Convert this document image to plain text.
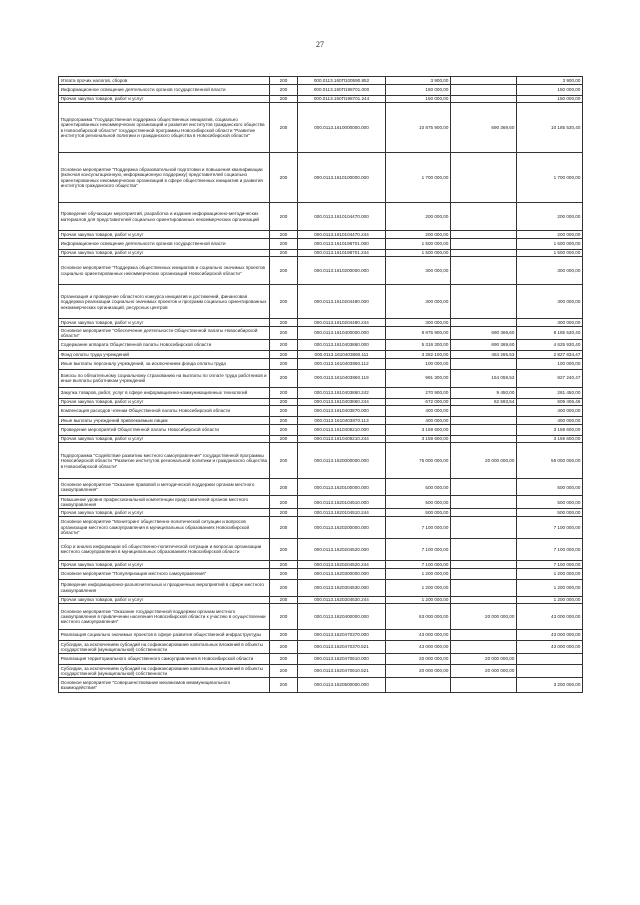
27
Уплата прочих налогов, сборов	200	000.0113.160П100590.852	3 900,00		3 900,00
Информационное освещение деятельности органов государственной власти	200	000.0113.160П198701.000	150 000,00		150 000,00
Прочая закупка товаров, работ и услуг	200	000.0113.160П198701.244	150 000,00		150 000,00
Подпрограмма "Государственная поддержка общественных инициатив, социально ориентированных некоммерческих организаций и развития институтов гражданского общества в Новосибирской области" государственной программы Новосибирской области "Развитие институтов региональной политики и гражданского общества в Новосибирской области"	200	000.0113.1610000000.000	10 875 900,00	690 369,60	10 185 530,40
Основное мероприятие "Поддержка образовательной подготовки и повышения квалификации (включая консультационную, информационную поддержку) представителей социально ориентированных некоммерческих организаций в сфере общественных инициатив и развития институтов гражданского общества"	200	000.0113.1610100000.000	1 700 000,00		1 700 000,00
Проведение обучающих мероприятий, разработка и издание информационно-методических материалов для представителей социально ориентированных некоммерческих организаций	200	000.0113.1610104470.000	200 000,00		200 000,00
Прочая закупка товаров, работ и услуг	200	000.0113.1610104470.244	200 000,00		200 000,00
Информационное освещение деятельности органов государственной власти	200	000.0113.1610198701.000	1 500 000,00		1 500 000,00
Прочая закупка товаров, работ и услуг	200	000.0113.1610198701.244	1 500 000,00		1 500 000,00
Основное мероприятие "Поддержка общественных инициатив и социально значимых проектов социально ориентированных некоммерческих организаций Новосибирской области"	200	000.0113.1610200000.000	300 000,00		300 000,00
Организация и проведение областного конкурса инициатив и достижений, финансовая поддержка реализации социально значимых проектов и программ социально ориентированных некоммерческих организаций, ресурсных центров	200	000.0113.1610204480.000	300 000,00		300 000,00
Прочая закупка товаров, работ и услуг	200	000.0113.1610204480.244	300 000,00		300 000,00
Основное мероприятие "Обеспечение деятельности Общественной палаты Новосибирской области"	200	000.0113.1610400000.000	8 875 900,00	690 369,60	8 185 530,40
Содержание аппарата Общественной палаты Новосибирской области	200	000.0113.1610403860.000	5 316 300,00	690 369,60	4 625 930,40
Фонд оплаты труда учреждений	200	000.0113.1610403860.111	3 282 100,00	454 265,53	2 827 834,47
Иные выплаты персоналу учреждений, за исключением фонда оплаты труда	200	000.0113.1610403860.112	100 000,00		100 000,00
Взносы по обязательному социальному страхованию на выплаты по оплате труда работников и иные выплаты работникам учреждений	200	000.0113.1610403860.119	991 300,00	164 059,53	827 240,47
Закупка товаров, работ, услуг в сфере информационно-коммуникационных технологий	200	000.0113.1610403860.242	270 900,00	9 450,00	261 450,00
Прочая закупка товаров, работ и услуг	200	000.0113.1610403860.244	672 000,00	62 593,54	609 406,46
Компенсация расходов членам Общественной палаты Новосибирской области	200	000.0113.1610403870.000	400 000,00		400 000,00
Иные выплаты учреждений привлекаемым лицам	200	000.0113.1610403870.113	400 000,00		400 000,00
Проведение мероприятий Общественной палаты Новосибирской области	200	000.0113.1610408210.000	3 159 600,00		3 159 600,00
Прочая закупка товаров, работ и услуг	200	000.0113.1610408210.244	3 159 600,00		3 159 600,00
Подпрограмма "Содействие развитию местного самоуправления" государственной программы Новосибирской области "Развитие институтов региональной политики и гражданского общества в Новосибирской области"	200	000.0113.1620000000.000	75 000 000,00	20 000 000,00	55 000 000,00
Основное мероприятие "Оказание правовой и методической поддержки органам местного самоуправления"	200	000.0113.1620100000.000	500 000,00		500 000,00
Повышение уровня профессиональной компетенции представителей органов местного самоуправления	200	000.0113.1620104510.000	500 000,00		500 000,00
Прочая закупка товаров, работ и услуг	200	000.0113.1620104510.244	500 000,00		500 000,00
Основное мероприятие "Мониторинг общественно-политической ситуации и вопросов организации местного самоуправления в муниципальных образованиях Новосибирской области"	200	000.0113.1620200000.000	7 100 000,00		7 100 000,00
Сбор и анализ информации об общественно-политической ситуации и вопросах организации местного самоуправления в муниципальных образованиях Новосибирской области	200	000.0113.1620204520.000	7 100 000,00		7 100 000,00
Прочая закупка товаров, работ и услуг	200	000.0113.1620204520.244	7 100 000,00		7 100 000,00
Основное мероприятие "Популяризация местного самоуправления"	200	000.0113.1620300000.000	1 200 000,00		1 200 000,00
Проведение информационно-разъяснительных и праздничных мероприятий в сфере местного самоуправления	200	000.0113.1620304530.000	1 200 000,00		1 200 000,00
Прочая закупка товаров, работ и услуг	200	000.0113.1620304530.244	1 200 000,00		1 200 000,00
Основное мероприятие "Оказание государственной поддержки органам местного самоуправления в привлечении населения Новосибирской области к участию в осуществлении местного самоуправления"	200	000.0113.1620400000.000	63 000 000,00	20 000 000,00	43 000 000,00
Реализация социально значимых проектов в сфере развития общественной инфраструктуры	200	000.0113.1620470370.000	43 000 000,00		43 000 000,00
Субсидии, за исключением субсидий на софинансирование капитальных вложений в объекты государственной (муниципальной) собственности	200	000.0113.1620470370.521	43 000 000,00		43 000 000,00
Реализация территориального общественного самоуправления в Новосибирской области	200	000.0113.1620470610.000	20 000 000,00	20 000 000,00	
Субсидии, за исключением субсидий на софинансирование капитальных вложений в объекты государственной (муниципальной) собственности	200	000.0113.1620470610.521	20 000 000,00	20 000 000,00	
Основное мероприятие "Совершенствование механизмов межмуниципального взаимодействия"	200	000.0113.1620500000.000			3 200 000,00
